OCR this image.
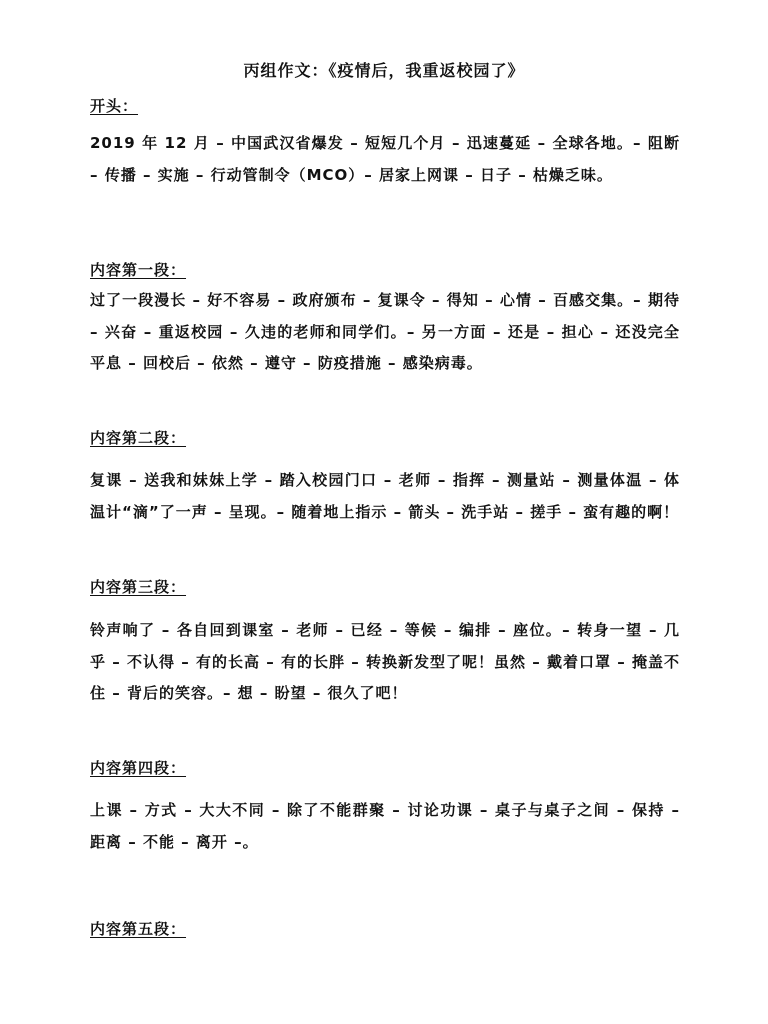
丙组作文：《疫情后，我重返校园了》
开头：
2019 年 12 月 – 中国武汉省爆发 – 短短几个月 – 迅速蔓延 – 全球各地。– 阻断 – 传播 – 实施 – 行动管制令（MCO）– 居家上网课 – 日子 – 枯燥乏味。
内容第一段：
过了一段漫长 – 好不容易 – 政府颁布 – 复课令 – 得知 – 心情 – 百感交集。– 期待 – 兴奋 – 重返校园 – 久违的老师和同学们。– 另一方面 – 还是 – 担心 – 还没完全平息 – 回校后 – 依然 – 遵守 – 防疫措施 – 感染病毒。
内容第二段：
复课 – 送我和妹妹上学 – 踏入校园门口 – 老师 – 指挥 – 测量站 – 测量体温 – 体温计“滴”了一声 – 呈现。– 随着地上指示 – 箭头 – 洗手站 – 搓手 – 蛮有趣的啊！
内容第三段：
铃声响了 – 各自回到课室 – 老师 – 已经 – 等候 – 编排 – 座位。– 转身一望 – 几乎 – 不认得 – 有的长高 – 有的长胖 – 转换新发型了呢！虽然 – 戴着口罩 – 掩盖不住 – 背后的笑容。– 想 – 盼望 – 很久了吧！
内容第四段：
上课 – 方式 – 大大不同 – 除了不能群聚 – 讨论功课 – 桌子与桌子之间 – 保持 – 距离 – 不能 – 离开 –。
内容第五段：
